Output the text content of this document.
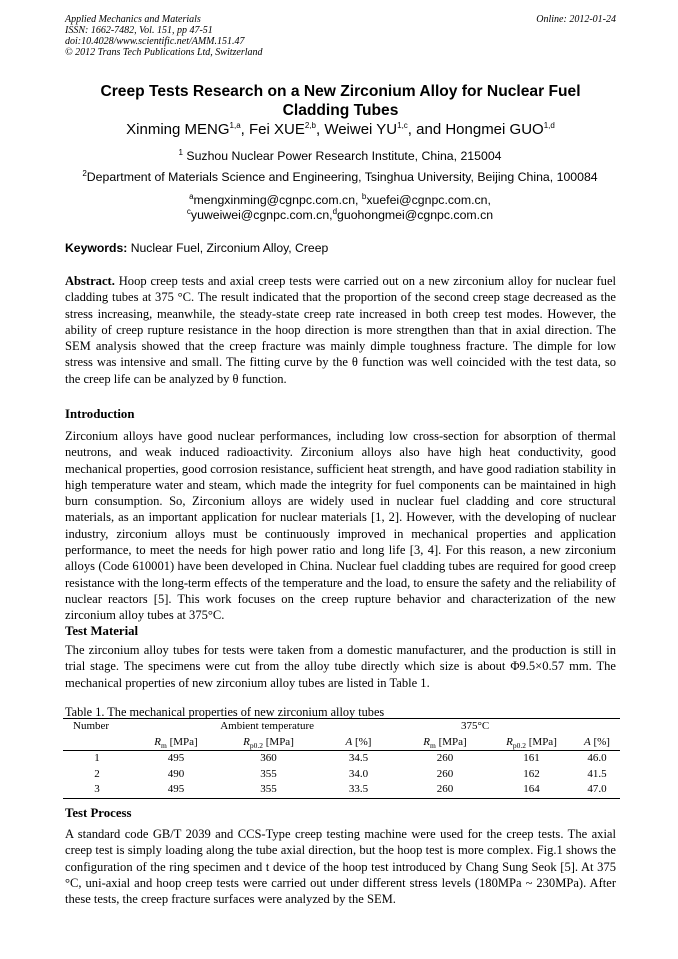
Applied Mechanics and Materials
ISSN: 1662-7482, Vol. 151, pp 47-51
doi:10.4028/www.scientific.net/AMM.151.47
© 2012 Trans Tech Publications Ltd, Switzerland
Online: 2012-01-24
Creep Tests Research on a New Zirconium Alloy for Nuclear Fuel
Cladding Tubes
Xinming MENG$^{1,a}$, Fei XUE$^{2,b}$, Weiwei YU$^{1,c}$, and Hongmei GUO$^{1,d}$
$^1$ Suzhou Nuclear Power Research Institute, China, 215004
$^2$Department of Materials Science and Engineering, Tsinghua University, Beijing China, 100084
$^a$mengxinming@cgnpc.com.cn, $^b$xuefei@cgnpc.com.cn,
$^c$yuweiwei@cgnpc.com.cn,$^d$guohongmei@cgnpc.com.cn
Keywords: Nuclear Fuel, Zirconium Alloy, Creep
Abstract. Hoop creep tests and axial creep tests were carried out on a new zirconium alloy for nuclear fuel cladding tubes at 375 °C. The result indicated that the proportion of the second creep stage decreased as the stress increasing, meanwhile, the steady-state creep rate increased in both creep test modes. However, the ability of creep rupture resistance in the hoop direction is more strengthen than that in axial direction. The SEM analysis showed that the creep fracture was mainly dimple toughness fracture. The dimple for low stress was intensive and small. The fitting curve by the θ function was well coincided with the test data, so the creep life can be analyzed by θ function.
Introduction
Zirconium alloys have good nuclear performances, including low cross-section for absorption of thermal neutrons, and weak induced radioactivity. Zirconium alloys also have high heat conductivity, good mechanical properties, good corrosion resistance, sufficient heat strength, and have good radiation stability in high temperature water and steam, which made the integrity for fuel components can be maintained in high burn consumption. So, Zirconium alloys are widely used in nuclear fuel cladding and core structural materials, as an important application for nuclear materials [1, 2]. However, with the developing of nuclear industry, zirconium alloys must be continuously improved in mechanical properties and application performance, to meet the needs for high power ratio and long life [3, 4]. For this reason, a new zirconium alloys (Code 610001) have been developed in China. Nuclear fuel cladding tubes are required for good creep resistance with the long-term effects of the temperature and the load, to ensure the safety and the reliability of nuclear reactors [5]. This work focuses on the creep rupture behavior and characterization of the new zirconium alloy tubes at 375°C.
Test Material
The zirconium alloy tubes for tests were taken from a domestic manufacturer, and the production is still in trial stage. The specimens were cut from the alloy tube directly which size is about Φ9.5×0.57 mm. The mechanical properties of new zirconium alloy tubes are listed in Table 1.
Table 1. The mechanical properties of new zirconium alloy tubes
Number	Ambient temperature			375°C		
	$R_m$ [MPa]	$R_{p0.2}$ [MPa]	A [%]	$R_m$ [MPa]	$R_{p0.2}$ [MPa]	A [%]
1	495	360	34.5	260	161	46.0
2	490	355	34.0	260	162	41.5
3	495	355	33.5	260	164	47.0
Test Process
A standard code GB/T 2039 and CCS-Type creep testing machine were used for the creep tests. The axial creep test is simply loading along the tube axial direction, but the hoop test is more complex. Fig.1 shows the configuration of the ring specimen and t device of the hoop test introduced by Chang Sung Seok [5]. At 375 °C, uni-axial and hoop creep tests were carried out under different stress levels (180MPa ~ 230MPa). After these tests, the creep fracture surfaces were analyzed by the SEM.
